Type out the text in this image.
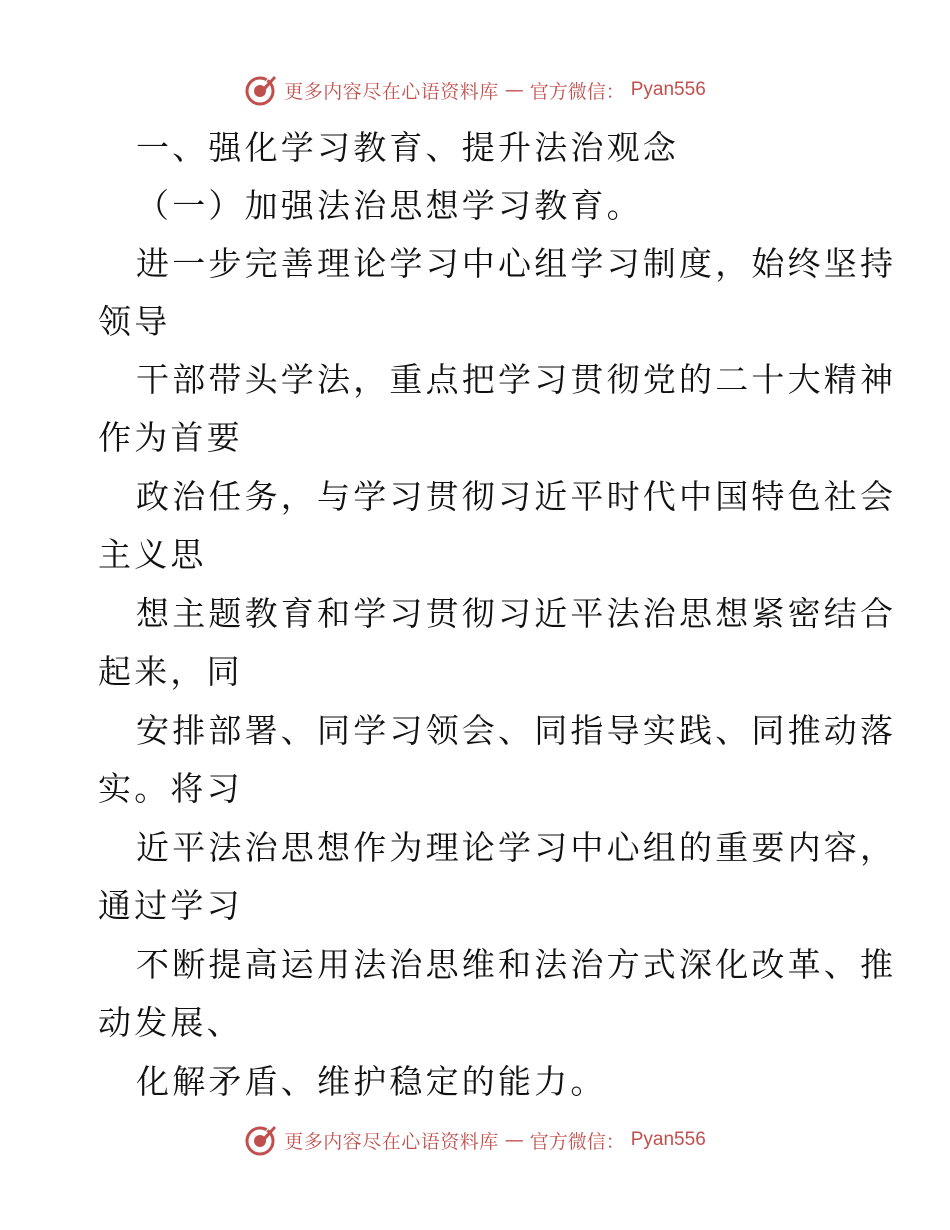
更多内容尽在心语资料库 — 官方微信： Pyan556
一、强化学习教育、提升法治观念
（一）加强法治思想学习教育。
进一步完善理论学习中心组学习制度，始终坚持
领导
干部带头学法，重点把学习贯彻党的二十大精神
作为首要
政治任务，与学习贯彻习近平时代中国特色社会
主义思
想主题教育和学习贯彻习近平法治思想紧密结合
起来，同
安排部署、同学习领会、同指导实践、同推动落
实。将习
近平法治思想作为理论学习中心组的重要内容，
通过学习
不断提高运用法治思维和法治方式深化改革、推
动发展、
化解矛盾、维护稳定的能力。
更多内容尽在心语资料库 — 官方微信： Pyan556
